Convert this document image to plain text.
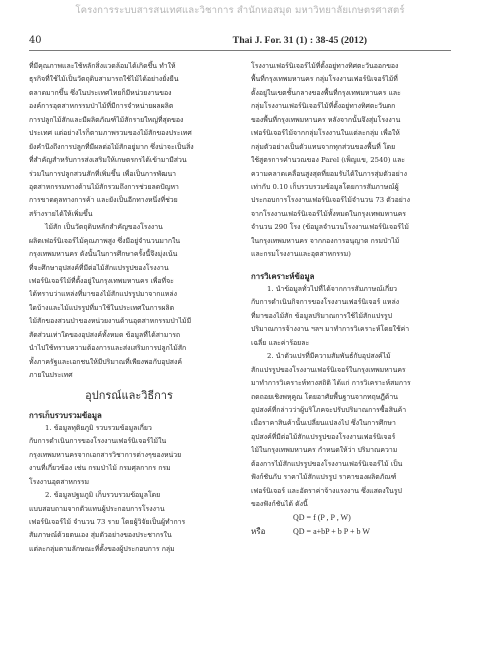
โครงการระบบสารสนเทศและวิชาการ สำนักหอสมุด มหาวิทยาลัยเกษตรศาสตร์
40	Thai J. For. 31 (1) : 38-45 (2012)
ที่มีคุณภาพและใช้หลักสิ่งแวดล้อมได้เกิดขึ้น ทำให้
ธุรกิจที่ใช้ไม้เป็นวัตถุดิบสามารถใช้ไม้ได้อย่างยั่งยืน
ตลาดมากขึ้น ซึ่งในประเทศไทยก็มีหน่วยงานของ
องค์การอุตสาหกรรมป่าไม้ที่มีการจำหน่ายผลผลิต
การปลูกไม้สักและมีผลิตภัณฑ์ไม้สักรายใหญ่ที่สุดของ
ประเทศ แต่อย่างไรก็ตามภาพรวมของไม้สักของประเทศ
ยังคำนึงถึงการปลูกที่มีผลต่อไม้สักอยู่มาก ซึ่งน่าจะเป็นสิ่ง
ที่สำคัญสำหรับการส่งเสริมให้เกษตรกรได้เข้ามามีส่วน
ร่วมในการปลูกสวนสักที่เพิ่มขึ้น เพื่อเป็นการพัฒนา
อุตสาหกรรมทางด้านไม้สักรวมถึงการช่วยลดปัญหา
การขาดดุลทางการค้า และยังเป็นอีกทางหนึ่งที่ช่วย
สร้างรายได้ให้เพิ่มขึ้น
ไม้สัก เป็นวัตถุดิบหลักสำคัญของโรงงาน
ผลิตเฟอร์นิเจอร์ไม้คุณภาพสูง ซึ่งมีอยู่จำนวนมากใน
กรุงเทพมหานคร ดังนั้นในการศึกษาครั้งนี้จึงมุ่งเน้น
ที่จะศึกษาอุปสงค์ที่มีต่อไม้สักแปรรูปของโรงงาน
เฟอร์นิเจอร์ไม้ที่ตั้งอยู่ในกรุงเทพมหานคร เพื่อที่จะ
ได้ทราบว่าแหล่งที่มาของไม้สักแปรรูปมาจากแหล่ง
ใดบ้างและไม้แปรรูปที่มาใช้ในประเทศในการผลิต
ไม้สักของสวนป่าของหน่วยงานด้านอุตสาหกรรมป่าไม้มี
สัดส่วนเท่าใดของอุปสงค์ทั้งหมด ข้อมูลที่ได้สามารถ
นำไปใช้ทราบความต้องการและส่งเสริมการปลูกไม้สัก
ทั้งภาครัฐและเอกชนให้มีปริมาณที่เพียงพอกับอุปสงค์
ภายในประเทศ
อุปกรณ์และวิธีการ
การเก็บรวบรวมข้อมูล
1. ข้อมูลทุติยภูมิ รวบรวมข้อมูลเกี่ยว
กับการดำเนินการของโรงงานเฟอร์นิเจอร์ไม้ใน
กรุงเทพมหานครจากเอกสารวิชาการต่างๆของหน่วย
งานที่เกี่ยวข้อง เช่น กรมป่าไม้ กรมศุลกากร กรม
โรงงานอุตสาหกรรม
2. ข้อมูลปฐมภูมิ เก็บรวบรวมข้อมูลโดย
แบบสอบถามจากตัวแทนผู้ประกอบการโรงงาน
เฟอร์นิเจอร์ไม้ จำนวน 73 ราย โดยผู้วิจัยเป็นผู้ทำการ
สัมภาษณ์ด้วยตนเอง สุ่มตัวอย่างของประชากรใน
แต่ละกลุ่มตามลักษณะที่ตั้งของผู้ประกอบการ กลุ่ม
โรงงานเฟอร์นิเจอร์ไม้ที่ตั้งอยู่ทางทิศตะวันออกของ
พื้นที่กรุงเทพมหานคร กลุ่มโรงงานเฟอร์นิเจอร์ไม้ที่
ตั้งอยู่ในเขตชั้นกลางของพื้นที่กรุงเทพมหานคร และ
กลุ่มโรงงานเฟอร์นิเจอร์ไม้ที่ตั้งอยู่ทางทิศตะวันตก
ของพื้นที่กรุงเทพมหานคร หลังจากนั้นจึงสุ่มโรงงาน
เฟอร์นิเจอร์ไม้จากกลุ่มโรงงานในแต่ละกลุ่ม เพื่อให้
กลุ่มตัวอย่างเป็นตัวแทนจากทุกส่วนของพื้นที่ โดย
ใช้สูตรการคำนวณของ Parel (เพ็ญแข, 2540) และ
ความคลาดเคลื่อนสูงสุดที่ยอมรับได้ในการสุ่มตัวอย่าง
เท่ากับ 0.10 เก็บรวบรวมข้อมูลโดยการสัมภาษณ์ผู้
ประกอบการโรงงานเฟอร์นิเจอร์ไม้จำนวน 73 ตัวอย่าง
จากโรงงานเฟอร์นิเจอร์ไม้ทั้งหมดในกรุงเทพมหานคร
จำนวน 290 โรง (ข้อมูลจำนวนโรงงานเฟอร์นิเจอร์ไม้
ในกรุงเทพมหานคร จากกองการอนุญาต กรมป่าไม้
และกรมโรงงานและอุตสาหกรรม)
การวิเคราะห์ข้อมูล
1. นำข้อมูลทั่วไปที่ได้จากการสัมภาษณ์เกี่ยว
กับการดำเนินกิจการของโรงงานเฟอร์นิเจอร์ แหล่ง
ที่มาของไม้สัก ข้อมูลปริมาณการใช้ไม้สักแปรรูป
ปริมาณการจ้างงาน ฯลฯ มาทำการวิเคราะห์โดยใช้ค่า
เฉลี่ย และค่าร้อยละ
2. นำตัวแปรที่มีความสัมพันธ์กับอุปสงค์ไม้
สักแปรรูปของโรงงานเฟอร์นิเจอร์ในกรุงเทพมหานคร
มาทำการวิเคราะห์ทางสถิติ ได้แก่ การวิเคราะห์สมการ
ถดถอยเชิงพหุคูณ โดยอาศัยพื้นฐานจากทฤษฎีด้าน
อุปสงค์ที่กล่าวว่าผู้บริโภคจะปรับปริมาณการซื้อสินค้า
เมื่อราคาสินค้านั้นเปลี่ยนแปลงไป ซึ่งในการศึกษา
อุปสงค์ที่มีต่อไม้สักแปรรูปของโรงงานเฟอร์นิเจอร์
ไม้ในกรุงเทพมหานคร กำหนดให้ว่า ปริมาณความ
ต้องการไม้สักแปรรูปของโรงงานเฟอร์นิเจอร์ไม้ เป็น
ฟังก์ชันกับ ราคาไม้สักแปรรูป ราคาของผลิตภัณฑ์
เฟอร์นิเจอร์ และอัตราค่าจ้างแรงงาน ซึ่งแสดงในรูป
ของฟังก์ชันได้ ดังนี้
QD = f (P , P , W)
หรือ	QD = a+bP + b P + b W
